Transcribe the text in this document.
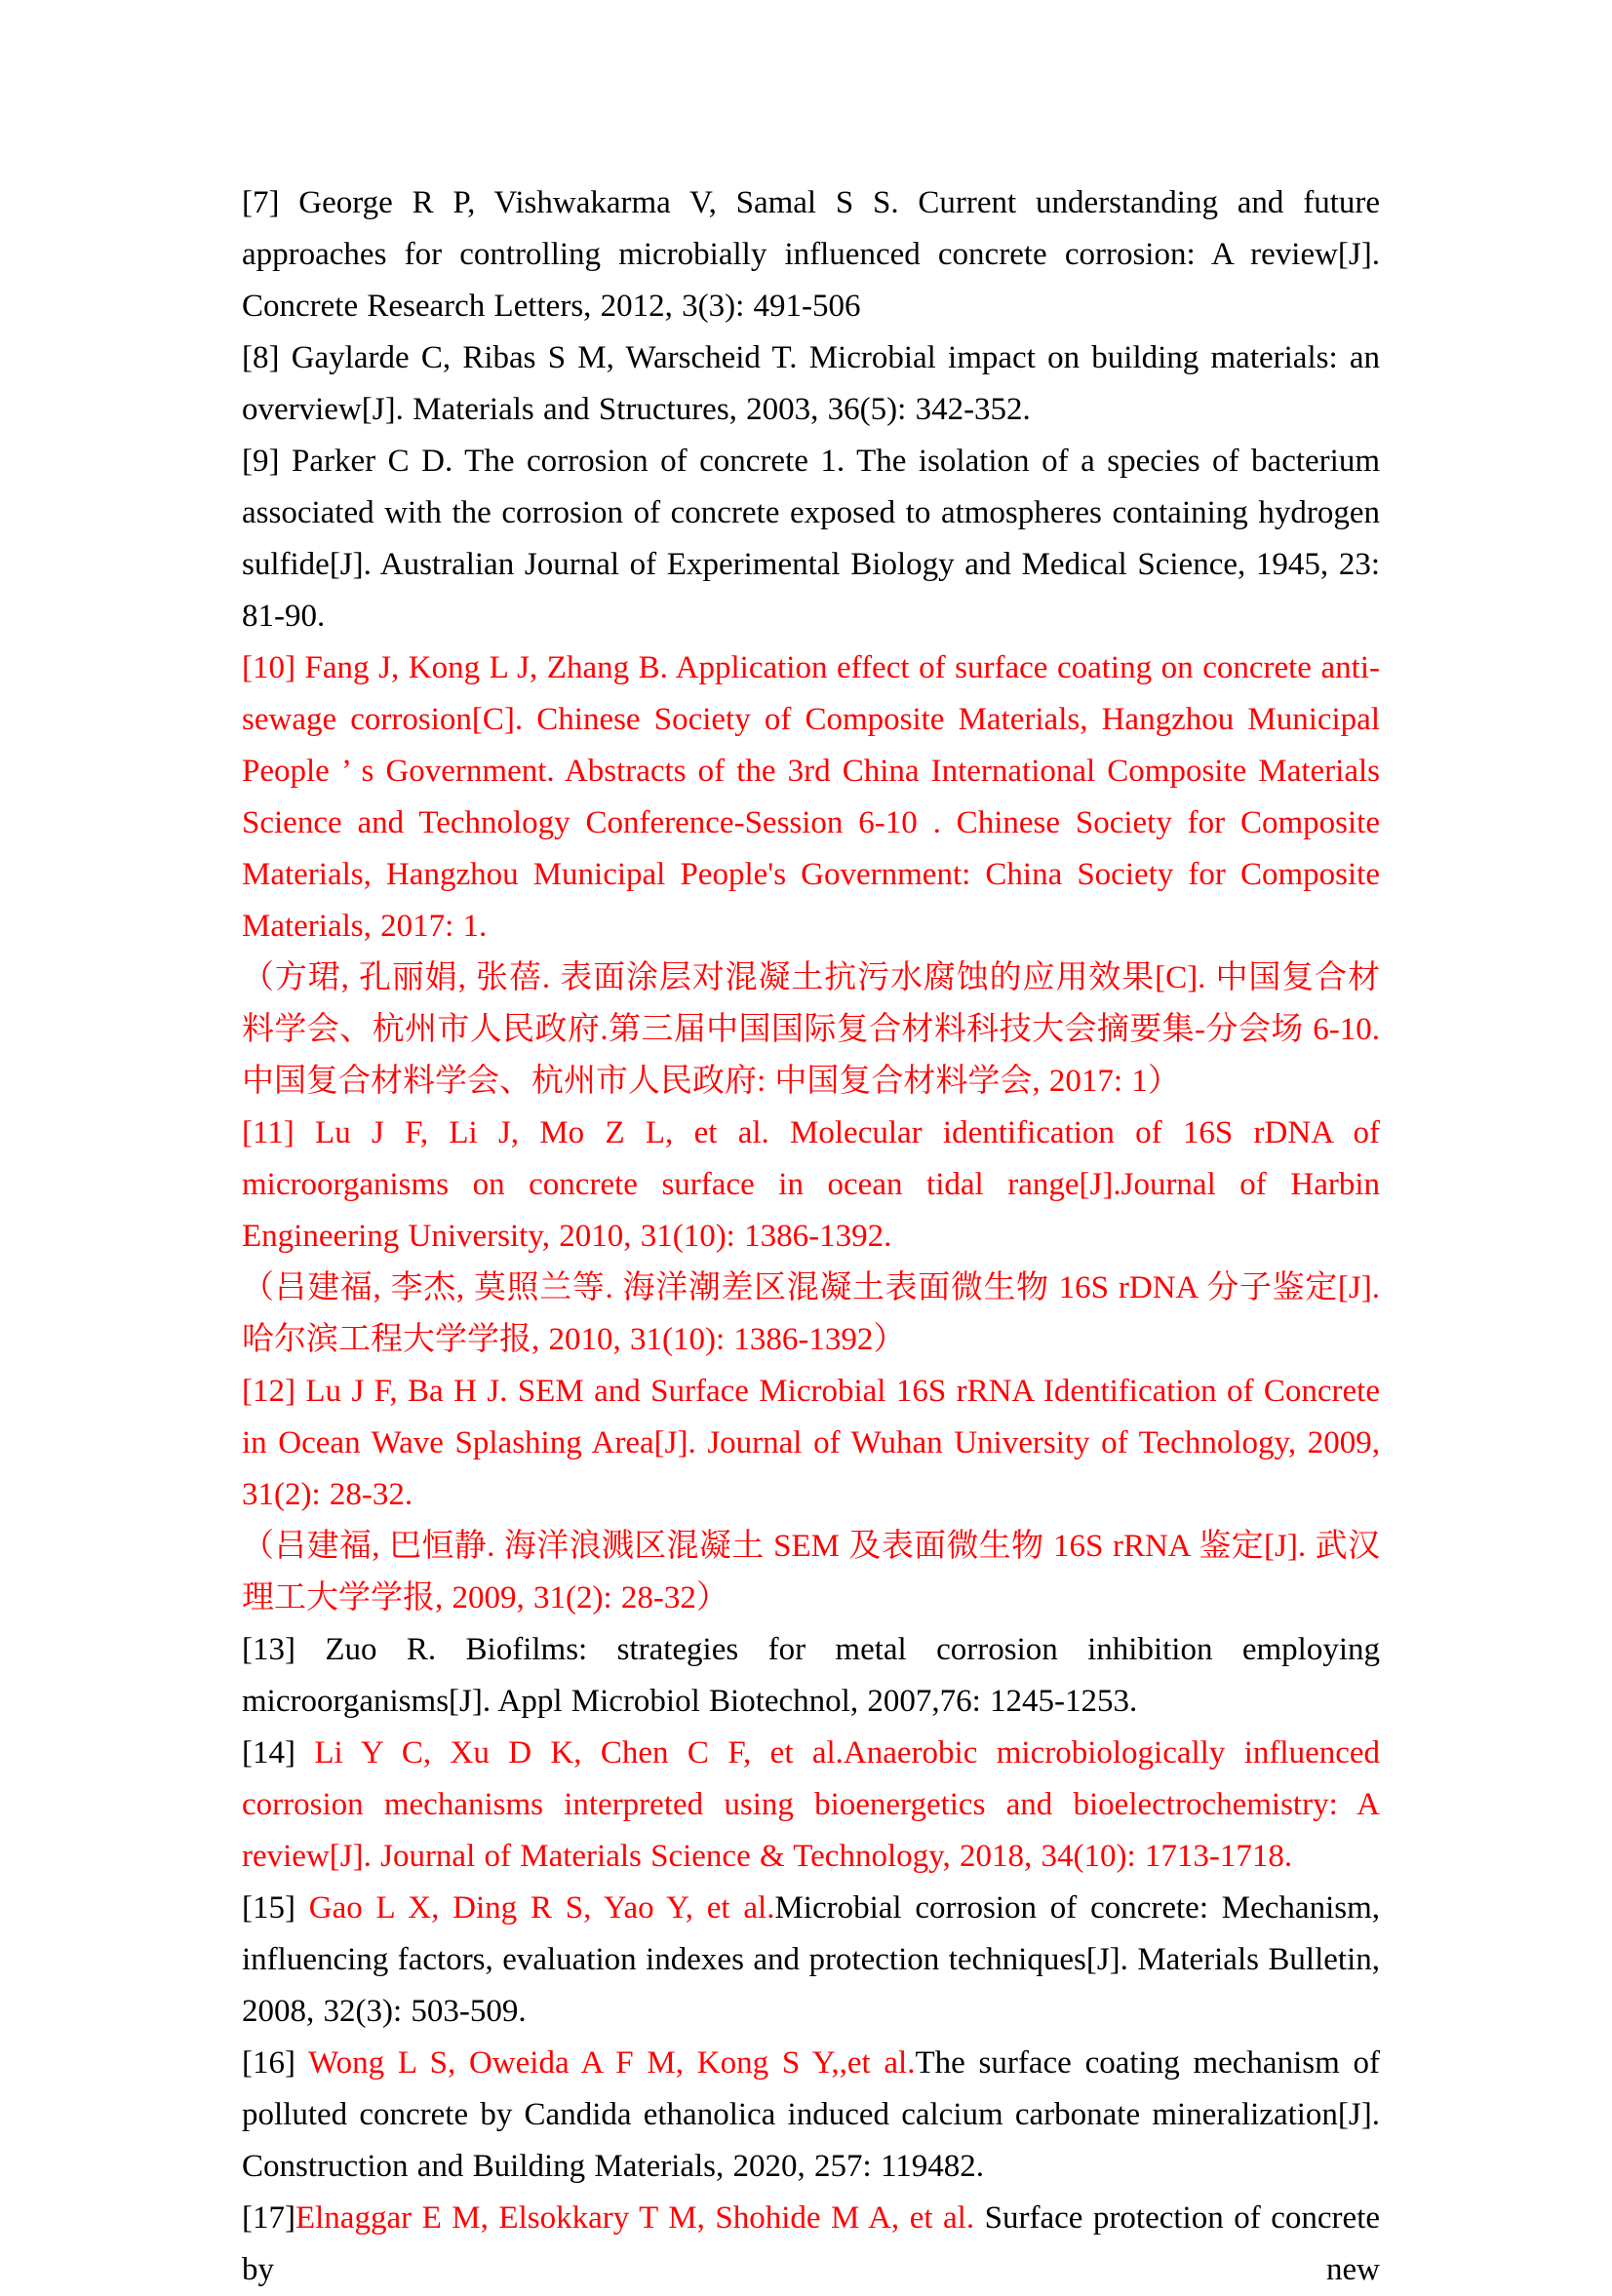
[7] George R P, Vishwakarma V, Samal S S. Current understanding and future approaches for controlling microbially influenced concrete corrosion: A review[J]. Concrete Research Letters, 2012, 3(3): 491-506

[8] Gaylarde C, Ribas S M, Warscheid T. Microbial impact on building materials: an overview[J]. Materials and Structures, 2003, 36(5): 342-352.

[9] Parker C D. The corrosion of concrete 1. The isolation of a species of bacterium associated with the corrosion of concrete exposed to atmospheres containing hydrogen sulfide[J]. Australian Journal of Experimental Biology and Medical Science, 1945, 23: 81-90.

[10] Fang J, Kong L J, Zhang B. Application effect of surface coating on concrete anti-sewage corrosion[C]. Chinese Society of Composite Materials, Hangzhou Municipal People ’ s Government. Abstracts of the 3rd China International Composite Materials Science and Technology Conference-Session 6-10 . Chinese Society for Composite Materials, Hangzhou Municipal People's Government: China Society for Composite Materials, 2017: 1.

（方珺, 孔丽娟, 张蓓. 表面涂层对混凝土抗污水腐蚀的应用效果[C]. 中国复合材料学会、杭州市人民政府.第三届中国国际复合材料科技大会摘要集-分会场 6-10. 中国复合材料学会、杭州市人民政府: 中国复合材料学会, 2017: 1）

[11] Lu J F, Li J, Mo Z L, et al. Molecular identification of 16S rDNA of microorganisms on concrete surface in ocean tidal range[J].Journal of Harbin Engineering University, 2010, 31(10): 1386-1392.

（吕建福, 李杰, 莫照兰等. 海洋潮差区混凝土表面微生物 16S rDNA 分子鉴定[J].哈尔滨工程大学学报, 2010, 31(10): 1386-1392）

[12] Lu J F, Ba H J. SEM and Surface Microbial 16S rRNA Identification of Concrete in Ocean Wave Splashing Area[J]. Journal of Wuhan University of Technology, 2009, 31(2): 28-32.

（吕建福, 巴恒静. 海洋浪溅区混凝土 SEM 及表面微生物 16S rRNA 鉴定[J]. 武汉理工大学学报, 2009, 31(2): 28-32）

[13] Zuo R. Biofilms: strategies for metal corrosion inhibition employing microorganisms[J]. Appl Microbiol Biotechnol, 2007,76: 1245-1253.

[14] Li Y C, Xu D K, Chen C F, et al.Anaerobic microbiologically influenced corrosion mechanisms interpreted using bioenergetics and bioelectrochemistry: A review[J]. Journal of Materials Science & Technology, 2018, 34(10): 1713-1718.

[15] Gao L X, Ding R S, Yao Y, et al.Microbial corrosion of concrete: Mechanism, influencing factors, evaluation indexes and protection techniques[J]. Materials Bulletin, 2008, 32(3): 503-509.

[16] Wong L S, Oweida A F M, Kong S Y,,et al.The surface coating mechanism of polluted concrete by Candida ethanolica induced calcium carbonate mineralization[J]. Construction and Building Materials, 2020, 257: 119482.

[17]Elnaggar E M, Elsokkary T M, Shohide M A, et al. Surface protection of concrete by new
